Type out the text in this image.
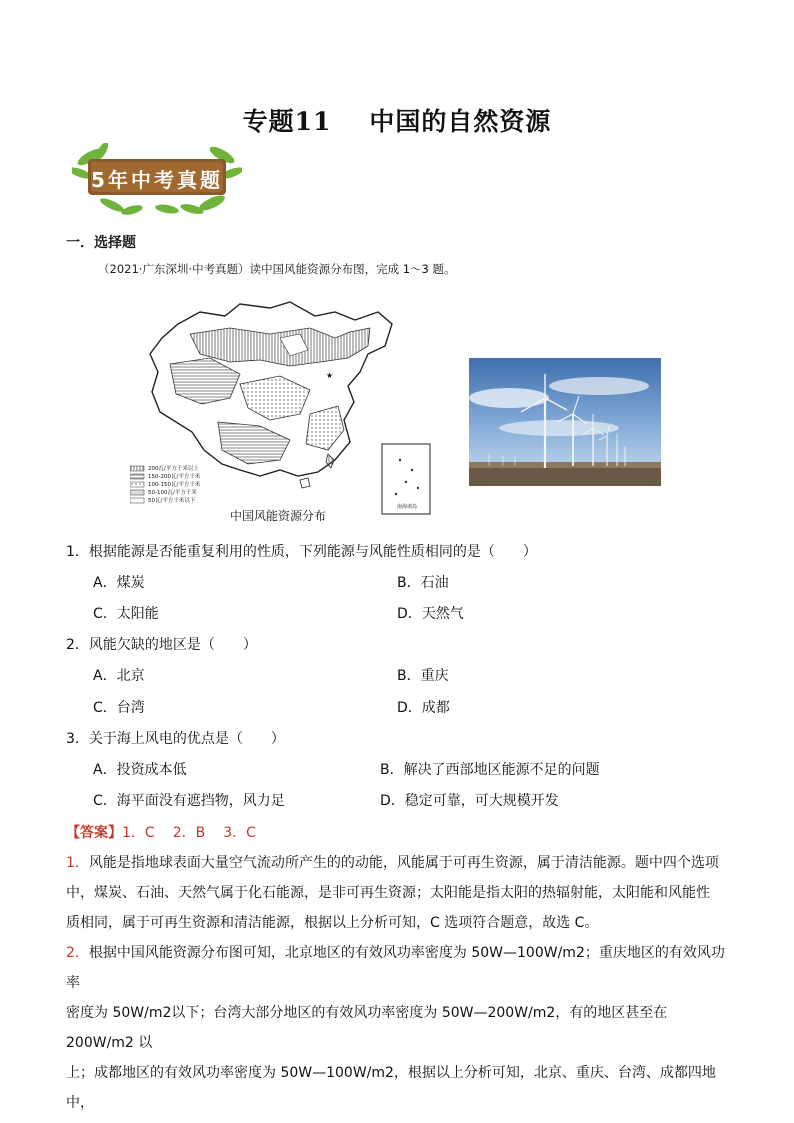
专题11 中国的自然资源
5年中考真题
一．选择题
（2021·广东深圳·中考真题）读中国风能资源分布图，完成 1～3 题。
★
200瓦/平方千米以上
150-200瓦/平方千米
100-150瓦/平方千米
50-100瓦/平方千米
50瓦/平方千米以下
南海诸岛
中国风能资源分布
1．根据能源是否能重复利用的性质，下列能源与风能性质相同的是（　　）
A．煤炭	B．石油
C．太阳能	D．天然气
2．风能欠缺的地区是（　　）
A．北京	B．重庆
C．台湾	D．成都
3．关于海上风电的优点是（　　）
A．投资成本低	B．解决了西部地区能源不足的问题
C．海平面没有遮挡物，风力足	D．稳定可靠，可大规模开发
【答案】1．C 2．B 3．C
1．风能是指地球表面大量空气流动所产生的的动能，风能属于可再生资源，属于清洁能源。题中四个选项
中，煤炭、石油、天然气属于化石能源，是非可再生资源；太阳能是指太阳的热辐射能，太阳能和风能性
质相同，属于可再生资源和清洁能源，根据以上分析可知，C 选项符合题意，故选 C。
2．根据中国风能资源分布图可知，北京地区的有效风功率密度为 50W—100W/m2；重庆地区的有效风功率
密度为 50W/m2以下；台湾大部分地区的有效风功率密度为 50W—200W/m2，有的地区甚至在 200W/m2 以
上；成都地区的有效风功率密度为 50W—100W/m2，根据以上分析可知，北京、重庆、台湾、成都四地中，
